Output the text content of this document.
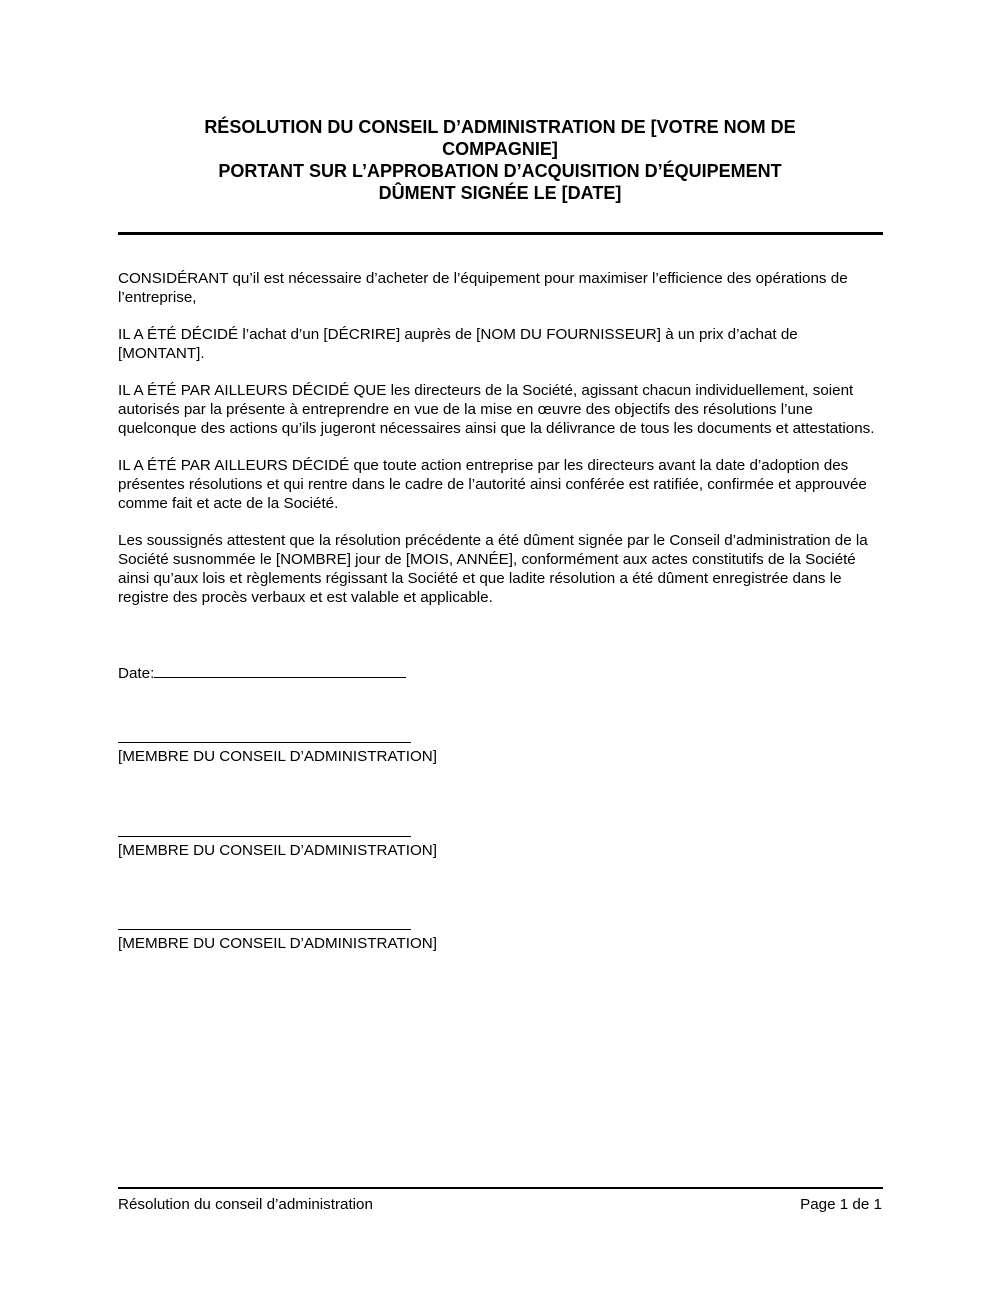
RÉSOLUTION DU CONSEIL D’ADMINISTRATION DE [VOTRE NOM DE
COMPAGNIE]
PORTANT SUR L’APPROBATION D’ACQUISITION D’ÉQUIPEMENT
DÛMENT SIGNÉE LE [DATE]

CONSIDÉRANT qu’il est nécessaire d’acheter de l’équipement pour maximiser l’efficience des opérations de l’entreprise,

IL A ÉTÉ DÉCIDÉ l’achat d’un [DÉCRIRE] auprès de [NOM DU FOURNISSEUR] à un prix d’achat de [MONTANT].

IL A ÉTÉ PAR AILLEURS DÉCIDÉ QUE les directeurs de la Société, agissant chacun individuellement, soient autorisés par la présente à entreprendre en vue de la mise en œuvre des objectifs des résolutions l’une quelconque des actions qu’ils jugeront nécessaires ainsi que la délivrance de tous les documents et attestations.

IL A ÉTÉ PAR AILLEURS DÉCIDÉ que toute action entreprise par les directeurs avant la date d’adoption des présentes résolutions et qui rentre dans le cadre de l’autorité ainsi conférée est ratifiée, confirmée et approuvée comme fait et acte de la Société.

Les soussignés attestent que la résolution précédente a été dûment signée par le Conseil d’administration de la Société susnommée le [NOMBRE] jour de [MOIS, ANNÉE], conformément aux actes constitutifs de la Société ainsi qu’aux lois et règlements régissant la Société et que ladite résolution a été dûment enregistrée dans le registre des procès verbaux et est valable et applicable.

Date:
[MEMBRE DU CONSEIL D’ADMINISTRATION]
[MEMBRE DU CONSEIL D’ADMINISTRATION]
[MEMBRE DU CONSEIL D’ADMINISTRATION]
Résolution du conseil d’administration	Page 1 de 1
